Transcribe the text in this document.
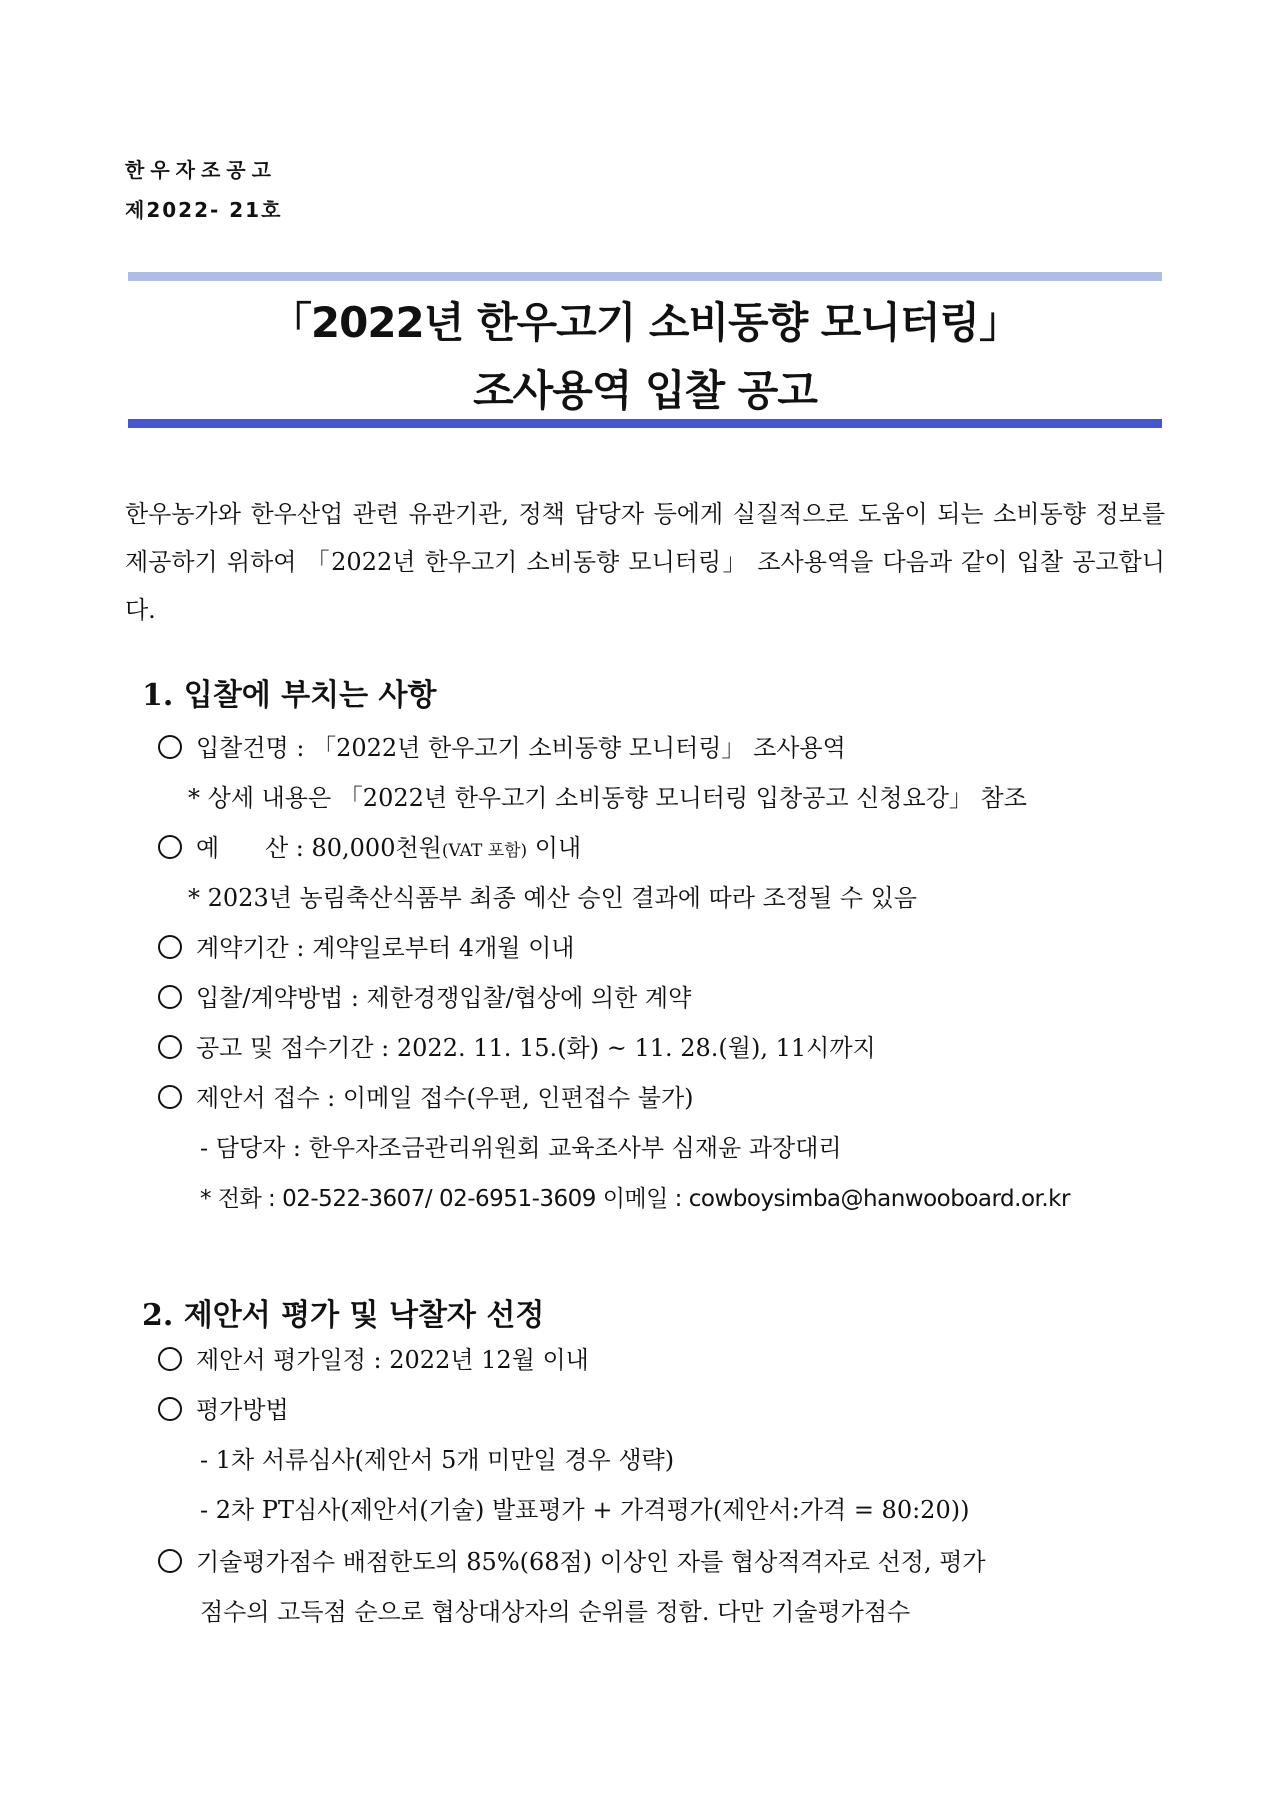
한우자조공고
제2022- 21호
「2022년 한우고기 소비동향 모니터링」
조사용역 입찰 공고
한우농가와 한우산업 관련 유관기관, 정책 담당자 등에게 실질적으로 도움이 되는 소비동향 정보를 제공하기 위하여 「2022년 한우고기 소비동향 모니터링」 조사용역을 다음과 같이 입찰 공고합니다.
1. 입찰에 부치는 사항
입찰건명 : 「2022년 한우고기 소비동향 모니터링」 조사용역
* 상세 내용은 「2022년 한우고기 소비동향 모니터링 입창공고 신청요강」 참조
예      산 : 80,000천원(VAT 포함) 이내
* 2023년 농림축산식품부 최종 예산 승인 결과에 따라 조정될 수 있음
계약기간 : 계약일로부터 4개월 이내
입찰/계약방법 : 제한경쟁입찰/협상에 의한 계약
공고 및 접수기간 : 2022. 11. 15.(화) ~ 11. 28.(월), 11시까지
제안서 접수 : 이메일 접수(우편, 인편접수 불가)
- 담당자 : 한우자조금관리위원회 교육조사부 심재윤 과장대리
* 전화 : 02-522-3607/ 02-6951-3609 이메일 : cowboysimba@hanwooboard.or.kr
2. 제안서 평가 및 낙찰자 선정
제안서 평가일정 : 2022년 12월 이내
평가방법
- 1차 서류심사(제안서 5개 미만일 경우 생략)
- 2차 PT심사(제안서(기술) 발표평가 + 가격평가(제안서:가격 = 80:20))
기술평가점수 배점한도의 85%(68점) 이상인 자를 협상적격자로 선정, 평가
점수의 고득점 순으로 협상대상자의 순위를 정함. 다만 기술평가점수
